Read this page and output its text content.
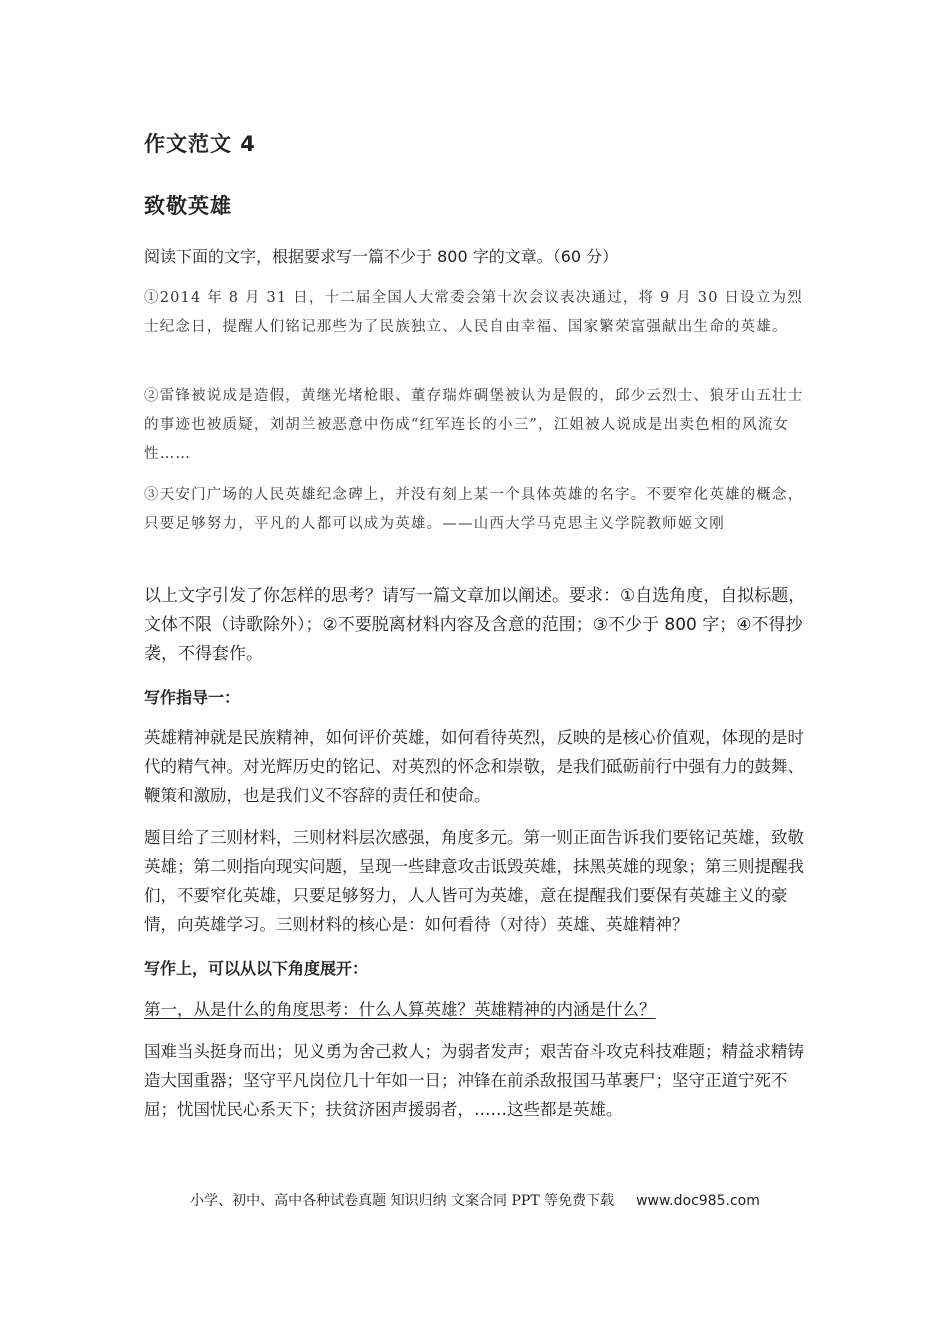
作文范文 4
致敬英雄
阅读下面的文字，根据要求写一篇不少于 800 字的文章。（60 分）
①2014 年 8 月 31 日，十二届全国人大常委会第十次会议表决通过，将 9 月 30 日设立为烈士纪念日，提醒人们铭记那些为了民族独立、人民自由幸福、国家繁荣富强献出生命的英雄。
②雷锋被说成是造假，黄继光堵枪眼、董存瑞炸碉堡被认为是假的，邱少云烈士、狼牙山五壮士的事迹也被质疑，刘胡兰被恶意中伤成“红军连长的小三”，江姐被人说成是出卖色相的风流女性……
③天安门广场的人民英雄纪念碑上，并没有刻上某一个具体英雄的名字。不要窄化英雄的概念，只要足够努力，平凡的人都可以成为英雄。——山西大学马克思主义学院教师姬文刚
以上文字引发了你怎样的思考？请写一篇文章加以阐述。要求：①自选角度，自拟标题，文体不限（诗歌除外）；②不要脱离材料内容及含意的范围；③不少于 800 字；④不得抄袭，不得套作。
写作指导一：
英雄精神就是民族精神，如何评价英雄，如何看待英烈，反映的是核心价值观，体现的是时代的精气神。对光辉历史的铭记、对英烈的怀念和崇敬，是我们砥砺前行中强有力的鼓舞、鞭策和激励，也是我们义不容辞的责任和使命。
题目给了三则材料，三则材料层次感强，角度多元。第一则正面告诉我们要铭记英雄，致敬英雄；第二则指向现实问题，呈现一些肆意攻击诋毁英雄，抹黑英雄的现象；第三则提醒我们，不要窄化英雄，只要足够努力，人人皆可为英雄，意在提醒我们要保有英雄主义的豪情，向英雄学习。三则材料的核心是：如何看待（对待）英雄、英雄精神？
写作上，可以从以下角度展开：
第一，从是什么的角度思考：什么人算英雄？英雄精神的内涵是什么？
国难当头挺身而出；见义勇为舍己救人；为弱者发声；艰苦奋斗攻克科技难题；精益求精铸造大国重器；坚守平凡岗位几十年如一日；冲锋在前杀敌报国马革裹尸；坚守正道宁死不屈；忧国忧民心系天下；扶贫济困声援弱者，……这些都是英雄。
小学、初中、高中各种试卷真题 知识归纳 文案合同 PPT 等免费下载 www.doc985.com
